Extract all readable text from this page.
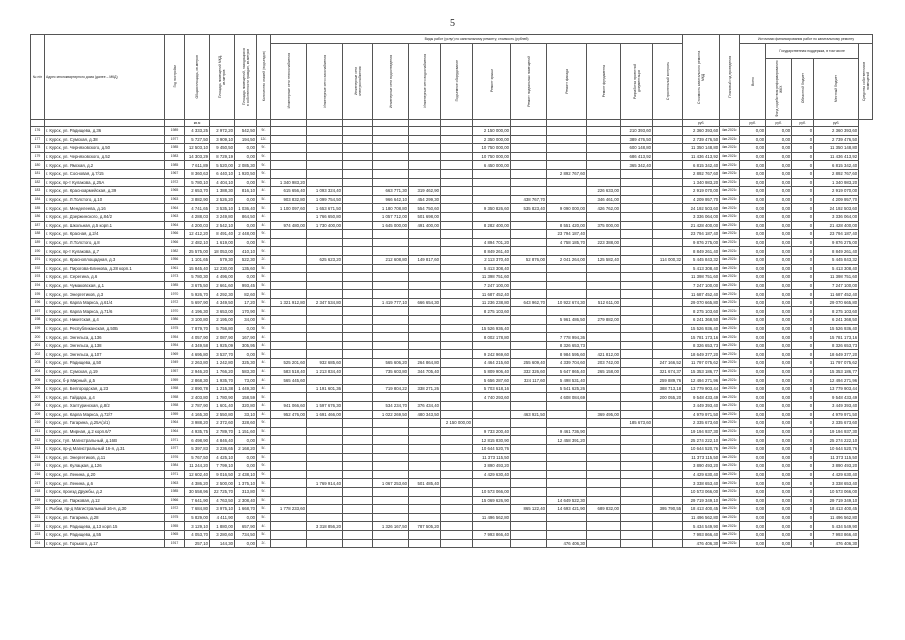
5
№ п/п	Адрес многоквартирного дома (далее – МКД)	Год постройки	Общая площадь, кв.метров	Площадь помещений МКД, кв.метров	Площадь помещений, находящихся в собственности граждан, кв.метров	Количество этажей (подъездов)	Виды работ (услуг) по капитальному ремонту, стоимость (рублей)												Стоимость капитального ремонта МКД	Плановый год проведения	Источники финансирования работ по капитальному ремонту				
							Инженерные сети теплоснабжения	Инженерные сети газоснабжения	Инженерные сети электроснабжения	Инженерные сети водоотведения	Инженерные сети водоснабжения	Подъемное оборудование	Ремонт крыши	Ремонт подвальных помещений	Ремонт фасада	Ремонт фундамента	Разработка проектной документации	Строительный контроль			Всего	Государственная поддержка, в том числе			Средства собственников помещений
																						Фонд содействия реформированию ЖКХ	Областной бюджет	Местный бюджет	
			кв.м																руб.		руб.	руб.	руб.	руб.	
176	г. Курск, ул. Радищева, д.36	1989	4 333,25	2 972,20	542,50	9/-							2 150 000,00				210 393,60		2 360 393,60	4кв.2021г.	0,00	0,00	0	2 360 393,60	
177	г. Курск, ул. Сумская, д.38	1977	5 727,50	3 909,10	194,50	12/-							2 350 000,00				389 476,50		2 739 476,50	4кв.2021г.	0,00	0,00	0	2 739 476,50	
178	г. Курск, ул. Черняховского, д.50	1985	12 503,10	9 450,50	0,00	9/-							10 750 000,00				600 148,80		11 350 148,80	4кв.2021г.	0,00	0,00	0	11 350 148,80	
179	г. Курск, ул. Черняховского, д.52	1983	14 303,29	8 729,19	0,00	9/-							10 750 000,00				686 413,92		11 436 413,92	4кв.2021г.	0,00	0,00	0	11 436 413,92	
180	г. Курск, ул. Ямская, д.2	1985	7 611,89	5 520,00	2 085,30	9/-							6 450 000,00				365 342,40		6 815 342,40	4кв.2021г.	0,00	0,00	0	6 815 342,40	
181	г. Курск, ул. Сосновая, д.7/15	1967	8 360,63	6 440,10	1 920,50	9/-									2 892 767,60				2 892 767,60	4кв.2021г.	0,00	0,00	0	2 892 767,60	
182	г. Курск, пр-т Кулакова, д.25А	1972	5 780,10	4 404,10	0,00	5/-	1 340 983,20												1 340 983,20	4кв.2021г.	0,00	0,00	0	1 340 983,20	
183	г. Курск, ул. Красноармейская, д.39	1965	2 653,70	1 388,30	816,10	4/-	615 656,40	1 093 324,40		663 771,30	319 462,90					226 633,00			2 919 070,00	4кв.2021г.	0,00	0,00	0	2 919 070,00	
184	г. Курск, ул. Л.Толстого, д.10	1963	3 882,90	2 526,20	0,00	5/-	903 832,80	1 099 754,50		966 642,10	454 299,30			438 767,70		346 461,00			4 209 957,70	4кв.2021г.	0,00	0,00	0	4 209 957,70	
185	г. Курск, ул. Менделеева, д.16	1964	4 741,65	3 535,10	1 036,40	5/-	1 100 097,60	1 653 671,50		1 180 708,80	554 750,60		9 350 826,60	535 823,40	9 090 000,00	426 762,00			24 192 503,60	4кв.2021г.	0,00	0,00	0	24 192 503,60	
186	г. Курск, ул. Дзержинского, д.84/2	1963	4 288,03	3 249,80	864,50	4/-		1 766 650,80		1 057 712,00	501 698,00								3 336 064,00	4кв.2021г.	0,00	0,00	0	3 336 064,00	
187	г. Курск, ул. Школьная, д.5 корп.1	1964	4 200,03	2 542,10	0,00	4/-	974 480,00	1 730 400,00		1 645 000,00	491 400,00		8 282 400,00		8 551 420,00	375 000,00			21 428 400,00	4кв.2021г.	0,00	0,00	0	21 428 400,00	
188	г. Курск, ул. Красная, д.2/4	1966	12 412,20	8 491,40	2 448,00	9/-									23 794 187,40				23 794 187,40	4кв.2021г.	0,00	0,00	0	23 794 187,40	
189	г. Курск, ул. Л.Толстого, д.8	1966	2 482,10	1 619,00	0,00	5/-							4 894 701,20		4 758 185,70	223 388,00			9 876 275,00	4кв.2021г.	0,00	0,00	0	9 876 275,00	
190	г. Курск, пр-т Кулакова, д.7	1982	25 575,00	18 053,00	410,10	9/-							8 849 261,40						8 849 261,40	4кв.2021г.	0,00	0,00	0	8 849 261,40	
191	г. Курск, ул. Красноплощадная, д.3	1956	1 101,65	579,30	522,30	2/-		625 623,20		212 608,80	149 817,60		2 113 370,40	52 876,00	2 041 264,00	125 582,40		114 000,32	5 445 843,32	4кв.2021г.	0,00	0,00	0	5 445 843,32	
192	г. Курск, ул. Пирогова-Блинова, д.28 корп.1	1961	15 845,40	12 230,00	135,60	5/-							5 413 308,40						5 413 308,40	4кв.2021г.	0,00	0,00	0	5 413 308,40	
193	г. Курск, ул. Серегина, д.6	1973	5 780,30	4 496,00	0,00	5/-							11 398 751,60						11 398 751,60	4кв.2021г.	0,00	0,00	0	11 398 751,60	
194	г. Курск, ул. Чумаковская, д.1	1985	3 675,50	2 661,60	993,45	5/-							7 247 100,00						7 247 100,00	4кв.2021г.	0,00	0,00	0	7 247 100,00	
195	г. Курск, ул. Энергетиков, д.3	1970	5 926,70	4 292,30	82,60	5/-							11 687 452,40						11 687 452,40	4кв.2021г.	0,00	0,00	0	11 687 452,40	
196	г. Курск, ул. Карла Маркса, д.61/4	1972	5 697,90	4 349,50	17,20	5/-	1 321 912,80	2 347 534,80		1 419 777,10	666 654,30		11 236 238,80	643 962,70	10 922 674,30	512 611,00			29 070 665,80	4кв.2021г.	0,00	0,00	0	29 070 665,80	
197	г. Курск, ул. Карла Маркса, д.71/6	1970	4 196,30	3 653,00	170,90	5/-							8 275 103,60						8 275 103,60	4кв.2021г.	0,00	0,00	0	8 275 103,60	
198	г. Курск, ул. Никитская, д.4	1986	3 100,80	2 195,00	34,00	5/-									5 961 486,50	279 882,00			6 241 368,50	4кв.2021г.	0,00	0,00	0	6 241 368,50	
199	г. Курск, ул. Республиканская, д.50Б	1975	7 879,70	5 756,80	0,00	9/-							15 526 936,40						15 526 936,40	4кв.2021г.	0,00	0,00	0	15 526 936,40	
200	г. Курск, ул. Энгельса, д.136	1954	4 057,90	2 087,90	167,90	4/-							8 002 178,80		7 778 994,36				15 781 173,16	4кв.2021г.	0,00	0,00	0	15 781 173,16	
201	г. Курск, ул. Энгельса, д.138	1954	4 349,58	1 925,09	305,95	4/-									8 326 653,73				8 326 653,73	4кв.2021г.	0,00	0,00	0	8 326 653,73	
202	г. Курск, ул. Энгельса, д.107	1969	4 695,80	3 537,70	0,00	5/-							9 242 969,60		8 984 595,60	421 812,00			18 649 377,20	4кв.2021г.	0,00	0,00	0	18 649 377,20	
203	г. Курск, ул. Радищева, д.50	1949	2 263,80	1 242,80	325,30	4/-	525 201,60	932 685,60		565 606,20	264 864,80		4 464 215,60	255 609,40	4 339 704,60	203 742,00		247 166,52	11 797 075,62	4кв.2021г.	0,00	0,00	0	11 797 075,62	
204	г. Курск, ул. Сумская, д.19	1957	2 946,20	1 766,20	583,30	4/-	583 518,40	1 213 834,40		735 603,80	344 705,40		5 809 906,40	332 326,60	5 647 865,40	265 158,00		321 674,37	15 353 186,77	4кв.2021г.	0,00	0,00	0	15 353 186,77	
205	г. Курск, б-р Мирный, д.5	1959	2 868,30	1 935,70	73,00	4/-	565 445,60						5 656 287,60	324 117,60	5 498 531,40			259 889,76	12 494 271,96	4кв.2021г.	0,00	0,00	0	12 494 271,96	
206	г. Курск, ул. Белгородская, д.23	1958	2 890,78	1 215,38	1 449,30	4/-		1 191 601,36		719 804,22	338 271,26		5 703 618,16		5 541 625,26			388 713,18	13 779 903,44	4кв.2021г.	0,00	0,00	0	13 779 903,44	
207	г. Курск, ул. Гайдара, д.4	1958	2 403,80	1 780,90	158,59	5/-							4 740 293,60		4 608 084,69			200 055,20	9 548 433,49	4кв.2021г.	0,00	0,00	0	9 548 433,49	
208	г. Курск, ул. Халтуринская, д.8/2	1958	2 787,90	1 601,40	320,80	4/-	941 066,60	1 597 676,30		534 234,70	376 434,40								3 449 393,40	4кв.2021г.	0,00	0,00	0	3 449 393,40	
209	г. Курск, ул. Карла Маркса, д.72/7	1959	4 165,30	2 550,80	33,10	4/-	952 476,00	1 691 466,00		1 022 269,50	480 343,50			463 921,50		369 495,00			4 979 971,50	4кв.2021г.	0,00	0,00	0	4 979 971,50	
210	г. Курск, ул. Гагарина, д.25А(з/1)	1964	3 988,20	2 372,60	328,60	9/-						2 150 000,00					185 673,60		2 335 673,60	4кв.2021г.	0,00	0,00	0	2 335 673,60	
211	г. Курск, ул. Мирная, д.2 корп.6/7	1964	4 935,75	2 789,70	1 151,60	5/-							9 733 200,40		9 461 736,90				19 194 937,30	4кв.2021г.	0,00	0,00	0	19 194 937,30	
212	г. Курск, туп. Магистральный, д.16В	1971	6 498,90	4 846,40	0,00	5/-							12 815 830,90		12 458 391,20				25 274 222,10	4кв.2021г.	0,00	0,00	0	25 274 222,10	
213	г. Курск, пр-д Магистральный 16-я, д.31	1977	5 397,83	3 236,65	2 168,20	5/-							10 644 520,76						10 644 520,76	4кв.2021г.	0,00	0,00	0	10 644 520,76	
214	г. Курск, ул. Энергетиков, д.11	1976	5 767,50	4 425,10	0,00	5/-							11 373 115,50						11 373 115,50	4кв.2021г.	0,00	0,00	0	11 373 115,50	
215	г. Курск, ул. Кулацкая, д.126	1984	11 244,20	7 799,10	0,00	9/-							3 890 493,20						3 890 493,20	4кв.2021г.	0,00	0,00	0	3 890 493,20	
216	г. Курск, ул. Ленина, д.20	1971	12 602,40	9 016,50	2 438,10	9/-							4 429 630,40						4 429 630,40	4кв.2021г.	0,00	0,00	0	4 429 630,40	
217	г. Курск, ул. Ленина, д.6	1963	4 386,20	2 500,00	1 375,10	5/-		1 769 914,40		1 067 253,60	501 485,40								3 338 653,40	4кв.2021г.	0,00	0,00	0	3 338 653,40	
218	г. Курск, проезд Дружбы, д.2	1985	30 558,96	22 725,70	313,80	9/-							10 573 066,00						10 573 066,00	4кв.2021г.	0,00	0,00	0	10 573 066,00	
219	г. Курск, ул. Парковая, д.12	1966	7 641,90	4 763,50	2 308,40	5/-							15 069 626,90		14 649 522,30				29 719 349,10	4кв.2021г.	0,00	0,00	0	29 719 349,10	
220	г. Рыбки, пр-д Магистральный 16-я, д.30	1972	7 684,80	3 975,10	1 668,70	5/-	1 778 233,60							865 122,40	14 693 421,90	689 832,00		395 790,55	18 413 400,45	4кв.2021г.	0,00	0,00	0	18 413 400,45	
221	г. Курск, ул. Гагарина, д.28	1975	5 829,00	4 411,90	0,00	5/-							11 496 562,80						11 496 562,80	4кв.2021г.	0,00	0,00	0	11 496 562,80	
222	г. Курск, ул. Радищева, д.13 корп.15	1955	3 129,10	1 880,00	657,90	4/-		3 318 856,20		1 326 167,50	787 505,20								5 434 549,90	4кв.2021г.	0,00	0,00	0	5 434 549,90	
223	г. Курск, ул. Радищева, д.55	1965	4 053,70	3 280,60	734,50	5/-							7 993 866,40						7 993 866,40	4кв.2021г.	0,00	0,00	0	7 993 866,40	
224	г. Курск, ул. Горького, д.17	1917	257,10	144,30	0,00	2/-									476 406,30				476 406,30	4кв.2021г.	0,00	0,00	0	476 406,30	
